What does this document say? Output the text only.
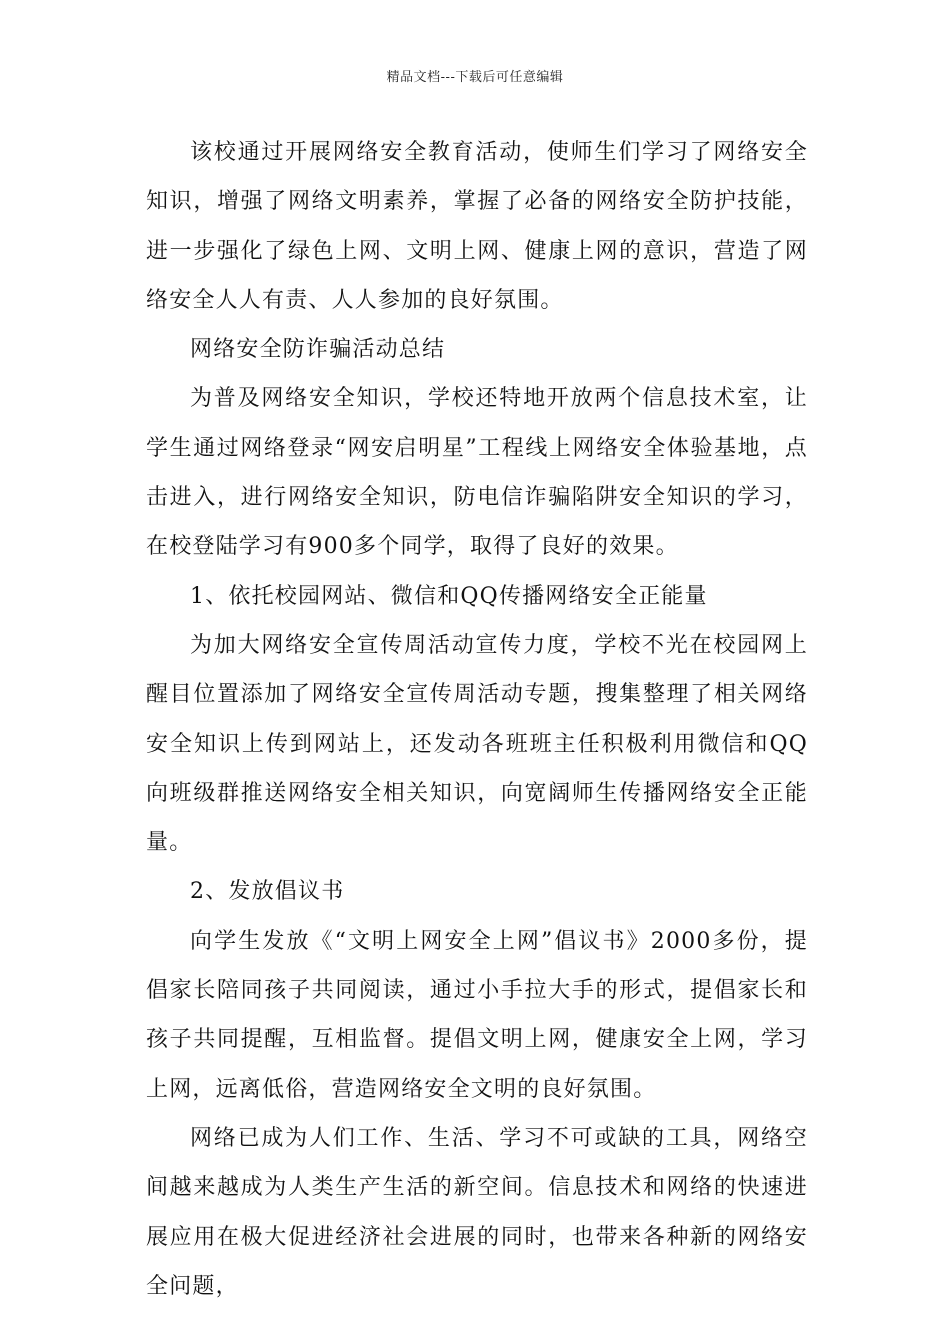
精品文档---下载后可任意编辑

该校通过开展网络安全教育活动，使师生们学习了网络安全知识，增强了网络文明素养，掌握了必备的网络安全防护技能，进一步强化了绿色上网、文明上网、健康上网的意识，营造了网络安全人人有责、人人参加的良好氛围。

网络安全防诈骗活动总结

为普及网络安全知识，学校还特地开放两个信息技术室，让学生通过网络登录“网安启明星”工程线上网络安全体验基地，点击进入，进行网络安全知识，防电信诈骗陷阱安全知识的学习，在校登陆学习有900多个同学，取得了良好的效果。

1、依托校园网站、微信和QQ传播网络安全正能量

为加大网络安全宣传周活动宣传力度，学校不光在校园网上醒目位置添加了网络安全宣传周活动专题，搜集整理了相关网络安全知识上传到网站上，还发动各班班主任积极利用微信和QQ向班级群推送网络安全相关知识，向宽阔师生传播网络安全正能量。

2、发放倡议书

向学生发放《“文明上网安全上网”倡议书》2000多份，提倡家长陪同孩子共同阅读，通过小手拉大手的形式，提倡家长和孩子共同提醒，互相监督。提倡文明上网，健康安全上网，学习上网，远离低俗，营造网络安全文明的良好氛围。

网络已成为人们工作、生活、学习不可或缺的工具，网络空间越来越成为人类生产生活的新空间。信息技术和网络的快速进展应用在极大促进经济社会进展的同时，也带来各种新的网络安全问题，
